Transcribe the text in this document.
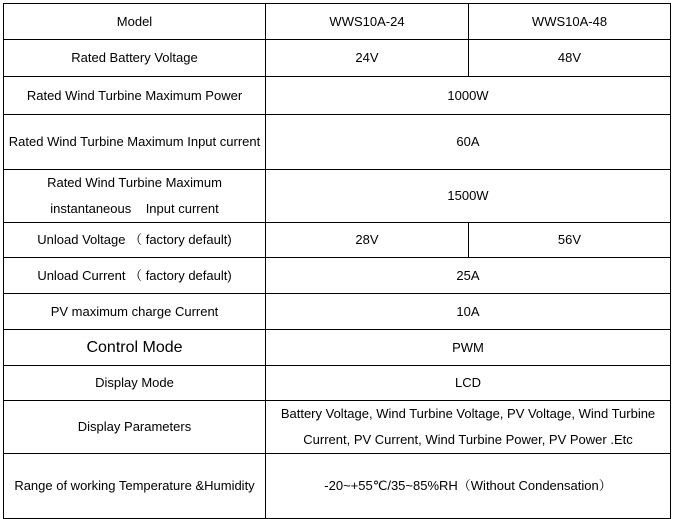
Model	WWS10A-24	WWS10A-48
Rated Battery Voltage	24V	48V
Rated Wind Turbine Maximum Power	1000W	
Rated Wind Turbine Maximum Input current	60A	
Rated Wind Turbine Maximum instantaneous    Input current	1500W	
Unload Voltage （ factory default)	28V	56V
Unload Current （ factory default)	25A	
PV maximum charge Current	10A	
Control Mode	PWM	
Display Mode	LCD	
Display Parameters	Battery Voltage, Wind Turbine Voltage, PV Voltage, Wind Turbine Current, PV Current, Wind Turbine Power, PV Power .Etc	
Range of working Temperature &Humidity	-20~+55℃/35~85%RH（Without Condensation）	
